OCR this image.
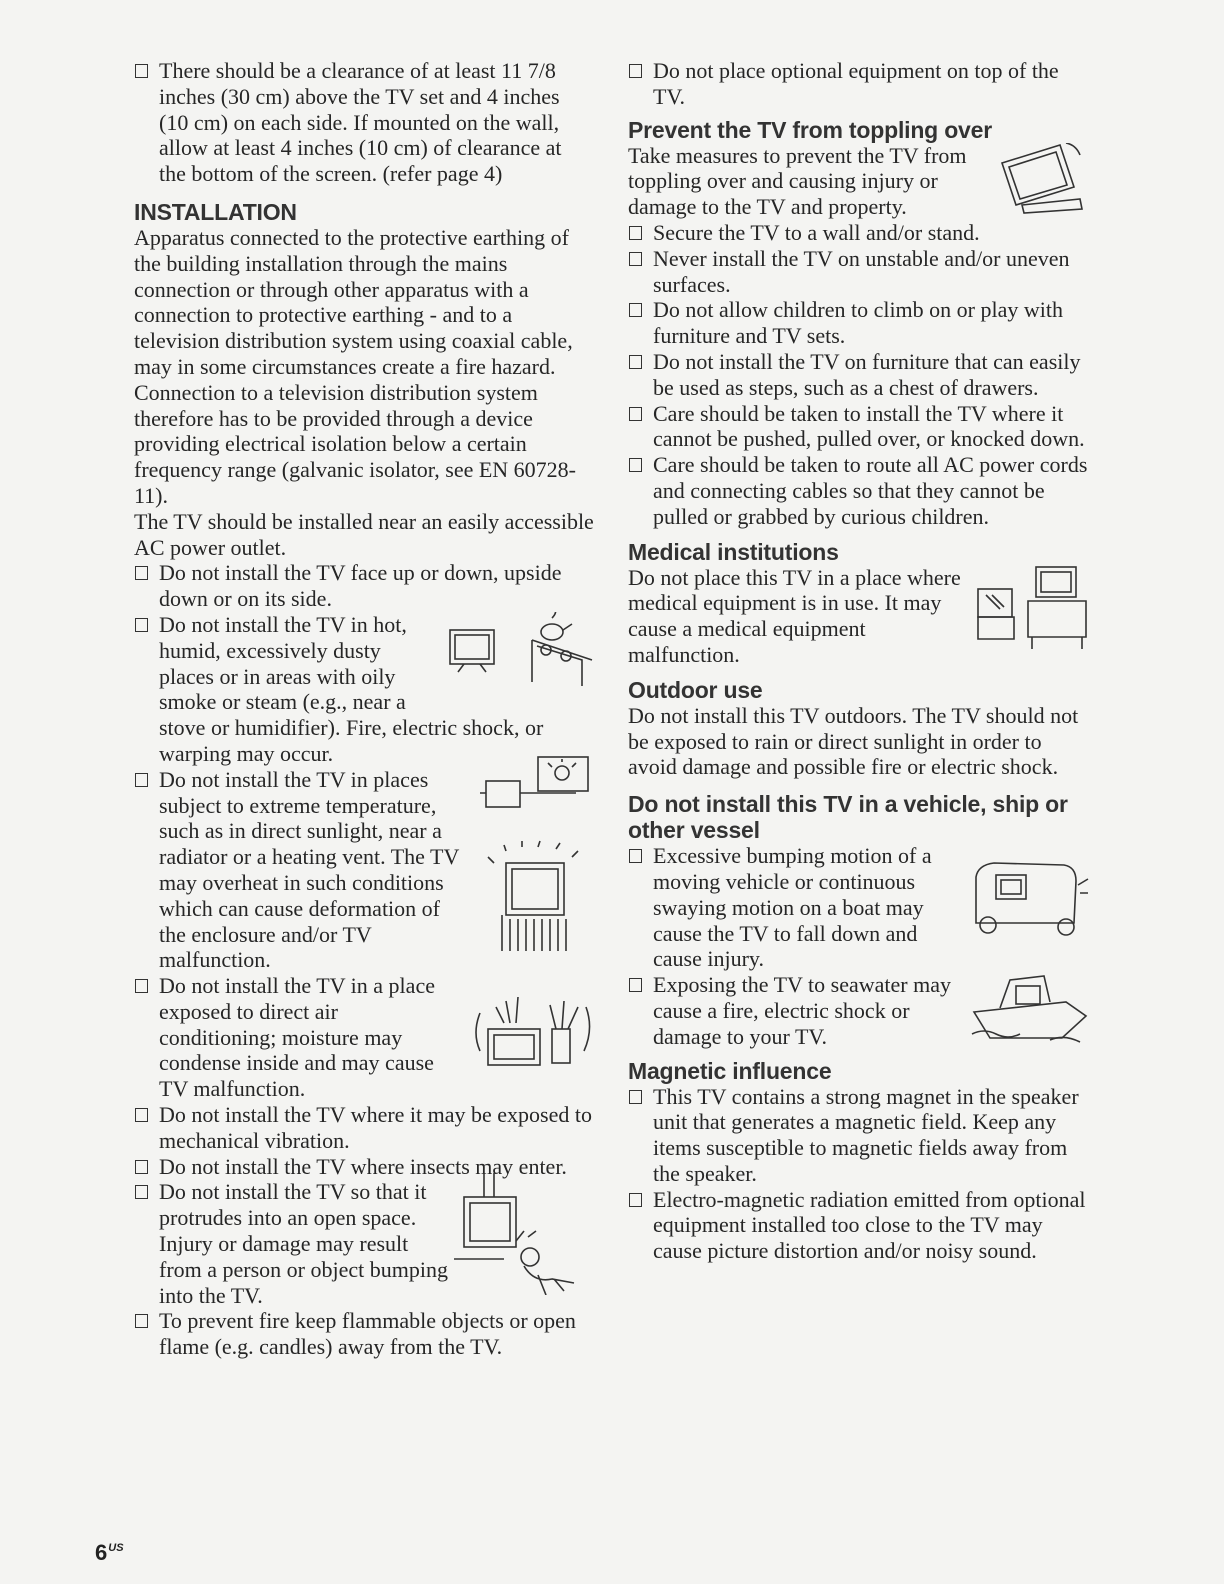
There should be a clearance of at least 11 7/8 inches (30 cm) above the TV set and 4 inches (10 cm) on each side. If mounted on the wall, allow at least 4 inches (10 cm) of clearance at the bottom of the screen. (refer page 4)
INSTALLATION
Apparatus connected to the protective earthing of the building installation through the mains connection or through other apparatus with a connection to protective earthing - and to a television distribution system using coaxial cable, may in some circumstances create a fire hazard. Connection to a television distribution system therefore has to be provided through a device providing electrical isolation below a certain frequency range (galvanic isolator, see EN 60728-11).
The TV should be installed near an easily accessible AC power outlet.
Do not install the TV face up or down, upside down or on its side.
Do not install the TV in hot, humid, excessively dusty places or in areas with oily smoke or steam (e.g., near a stove or humidifier). Fire, electric shock, or warping may occur.
Do not install the TV in places subject to extreme temperature, such as in direct sunlight, near a radiator or a heating vent. The TV may overheat in such conditions which can cause deformation of the enclosure and/or TV malfunction.
Do not install the TV in a place exposed to direct air conditioning; moisture may condense inside and may cause TV malfunction.
Do not install the TV where it may be exposed to mechanical vibration.
Do not install the TV where insects may enter.
Do not install the TV so that it protrudes into an open space. Injury or damage may result from a person or object bumping into the TV.
To prevent fire keep flammable objects or open flame (e.g. candles) away from the TV.
Do not place optional equipment on top of the TV.
Prevent the TV from toppling over
Take measures to prevent the TV from toppling over and causing injury or damage to the TV and property.
Secure the TV to a wall and/or stand.
Never install the TV on unstable and/or uneven surfaces.
Do not allow children to climb on or play with furniture and TV sets.
Do not install the TV on furniture that can easily be used as steps, such as a chest of drawers.
Care should be taken to install the TV where it cannot be pushed, pulled over, or knocked down.
Care should be taken to route all AC power cords and connecting cables so that they cannot be pulled or grabbed by curious children.
Medical institutions
Do not place this TV in a place where medical equipment is in use. It may cause a medical equipment malfunction.
Outdoor use
Do not install this TV outdoors. The TV should not be exposed to rain or direct sunlight in order to avoid damage and possible fire or electric shock.
Do not install this TV in a vehicle, ship or other vessel
Excessive bumping motion of a moving vehicle or continuous swaying motion on a boat may cause the TV to fall down and cause injury.
Exposing the TV to seawater may cause a fire, electric shock or damage to your TV.
Magnetic influence
This TV contains a strong magnet in the speaker unit that generates a magnetic field. Keep any items susceptible to magnetic fields away from the speaker.
Electro-magnetic radiation emitted from optional equipment installed too close to the TV may cause picture distortion and/or noisy sound.
$6^{US}$
